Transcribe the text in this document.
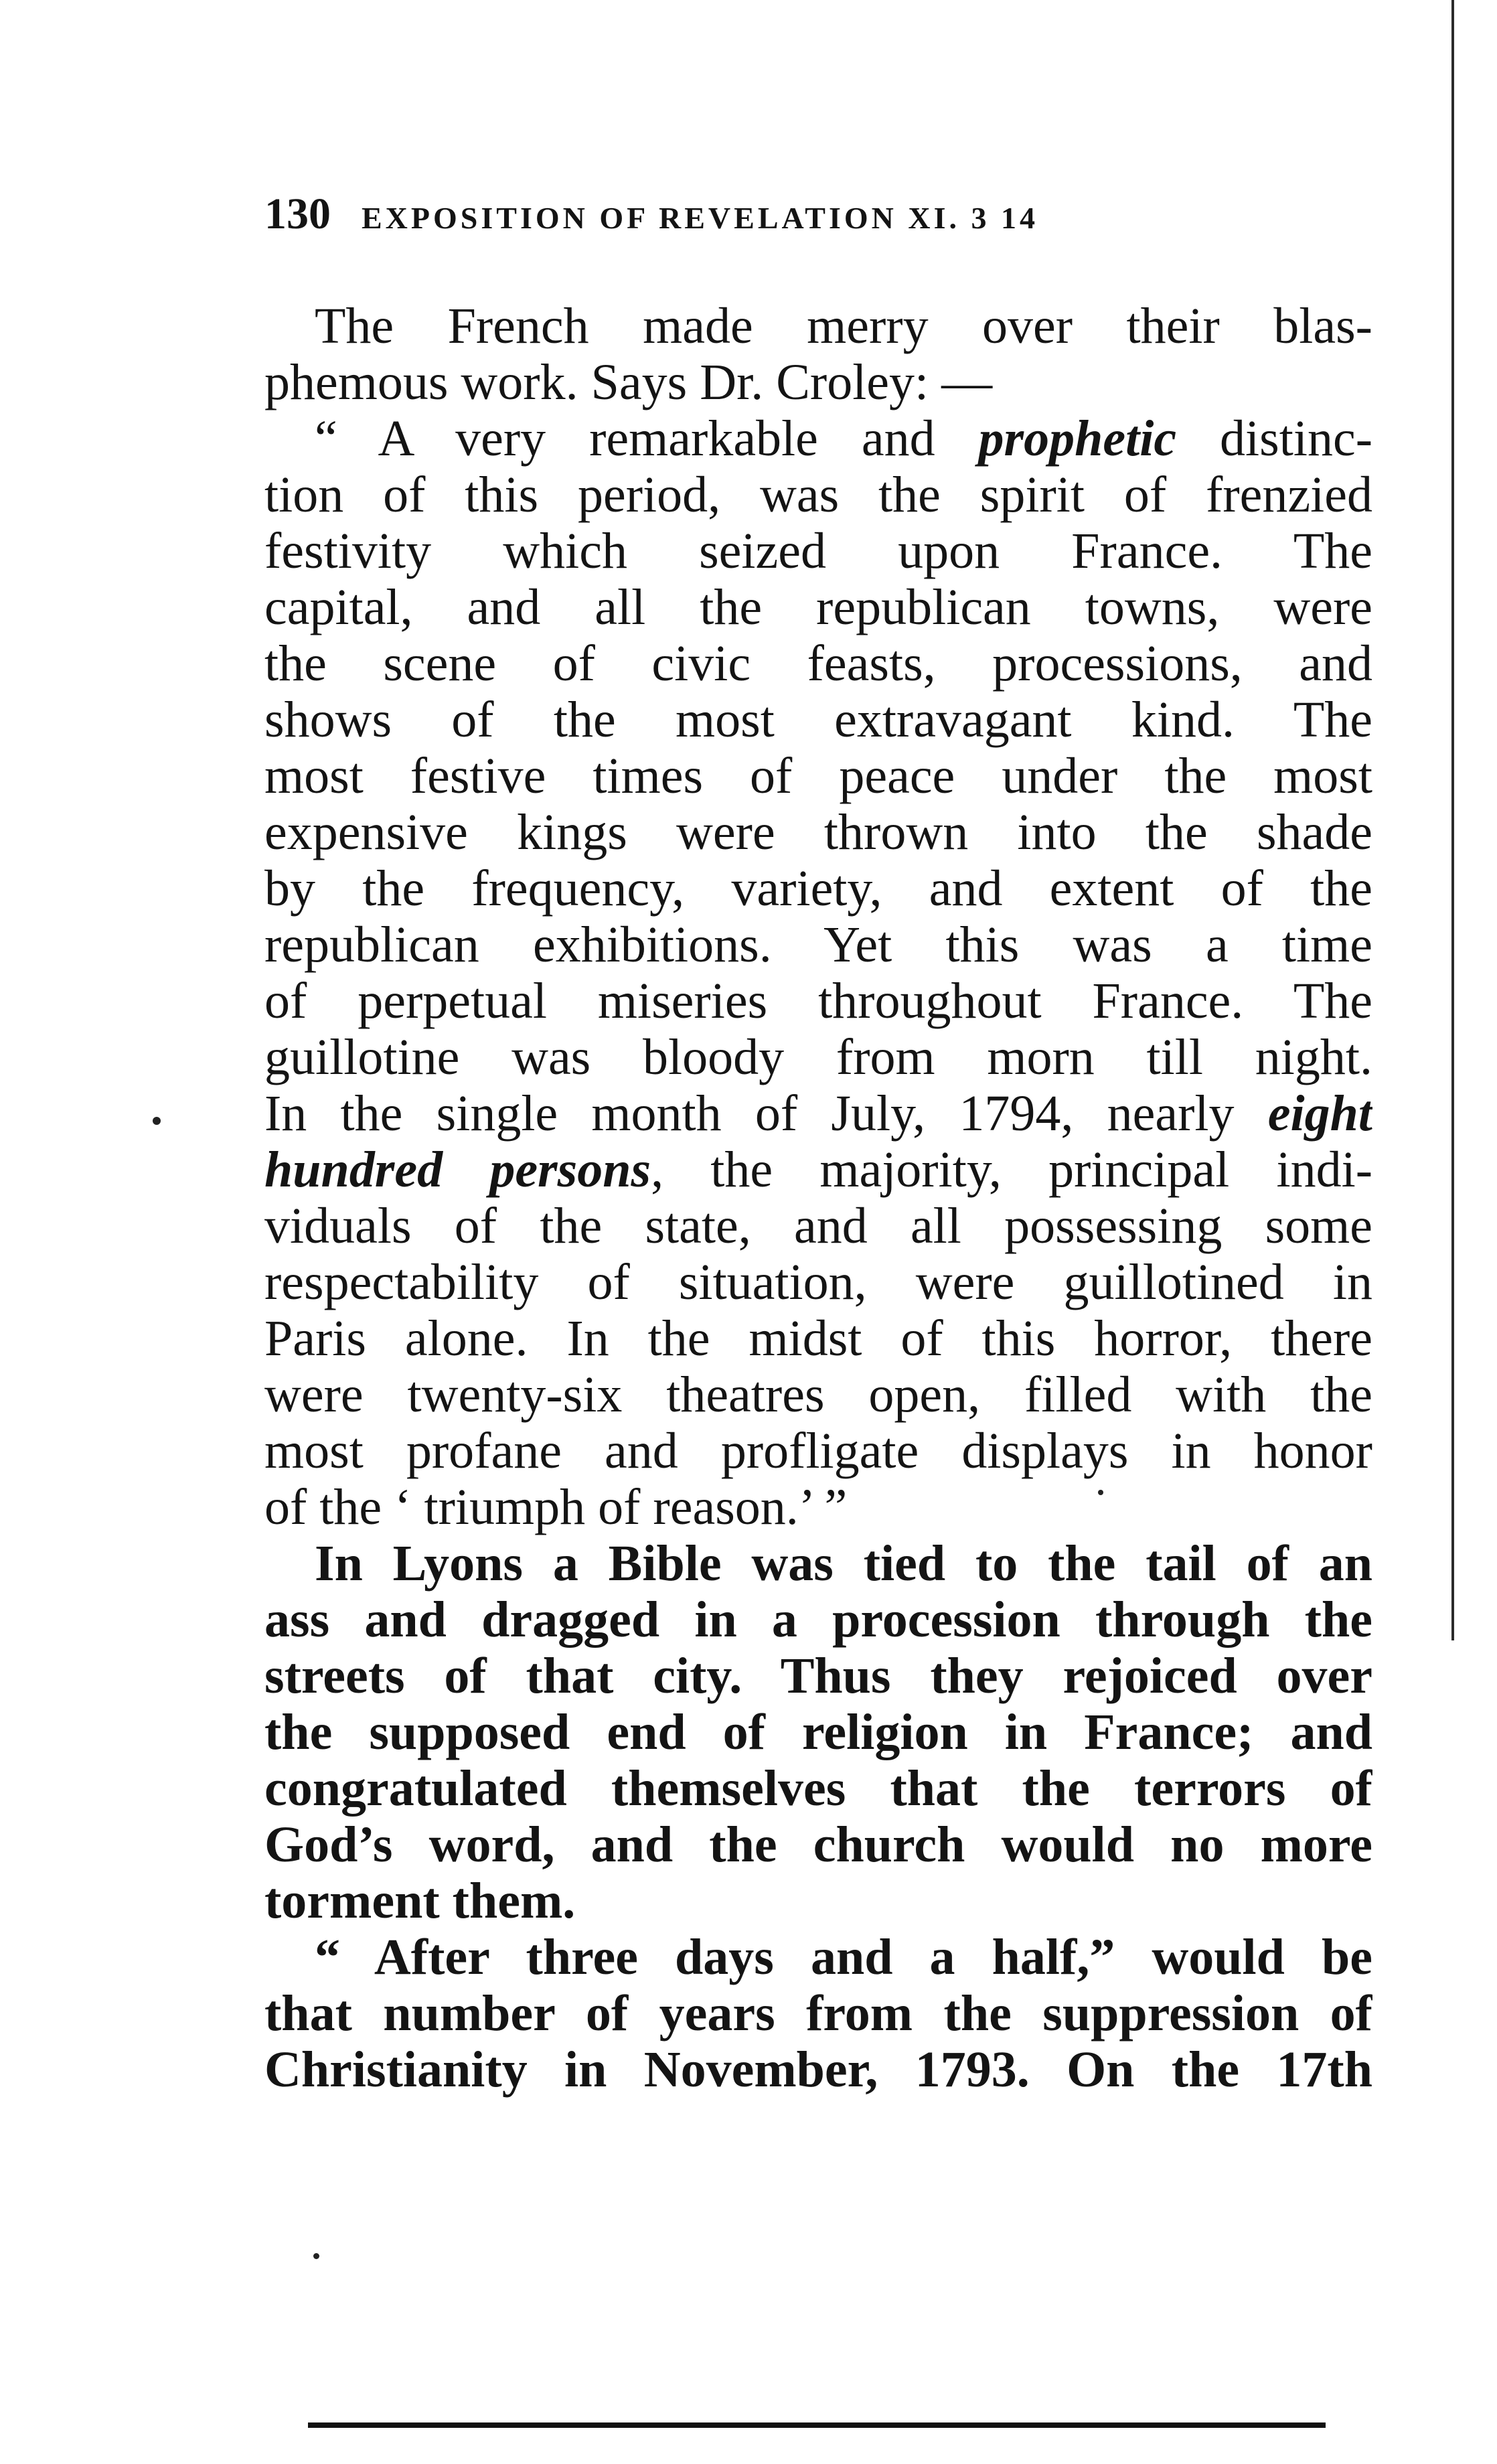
130 EXPOSITION OF REVELATION XI. 3 14
The French made merry over their blas-
phemous work. Says Dr. Croley: —
“ A very remarkable and prophetic distinc-
tion of this period, was the spirit of frenzied
festivity which seized upon France. The
capital, and all the republican towns, were
the scene of civic feasts, processions, and
shows of the most extravagant kind. The
most festive times of peace under the most
expensive kings were thrown into the shade
by the frequency, variety, and extent of the
republican exhibitions. Yet this was a time
of perpetual miseries throughout France. The
guillotine was bloody from morn till night.
In the single month of July, 1794, nearly eight
hundred persons, the majority, principal indi-
viduals of the state, and all possessing some
respectability of situation, were guillotined in
Paris alone. In the midst of this horror, there
were twenty-six theatres open, filled with the
most profane and profligate displays in honor
of the ‘ triumph of reason.’ ”
In Lyons a Bible was tied to the tail of an
ass and dragged in a procession through the
streets of that city. Thus they rejoiced over
the supposed end of religion in France; and
congratulated themselves that the terrors of
God’s word, and the church would no more
torment them.
“ After three days and a half,” would be
that number of years from the suppression of
Christianity in November, 1793. On the 17th
